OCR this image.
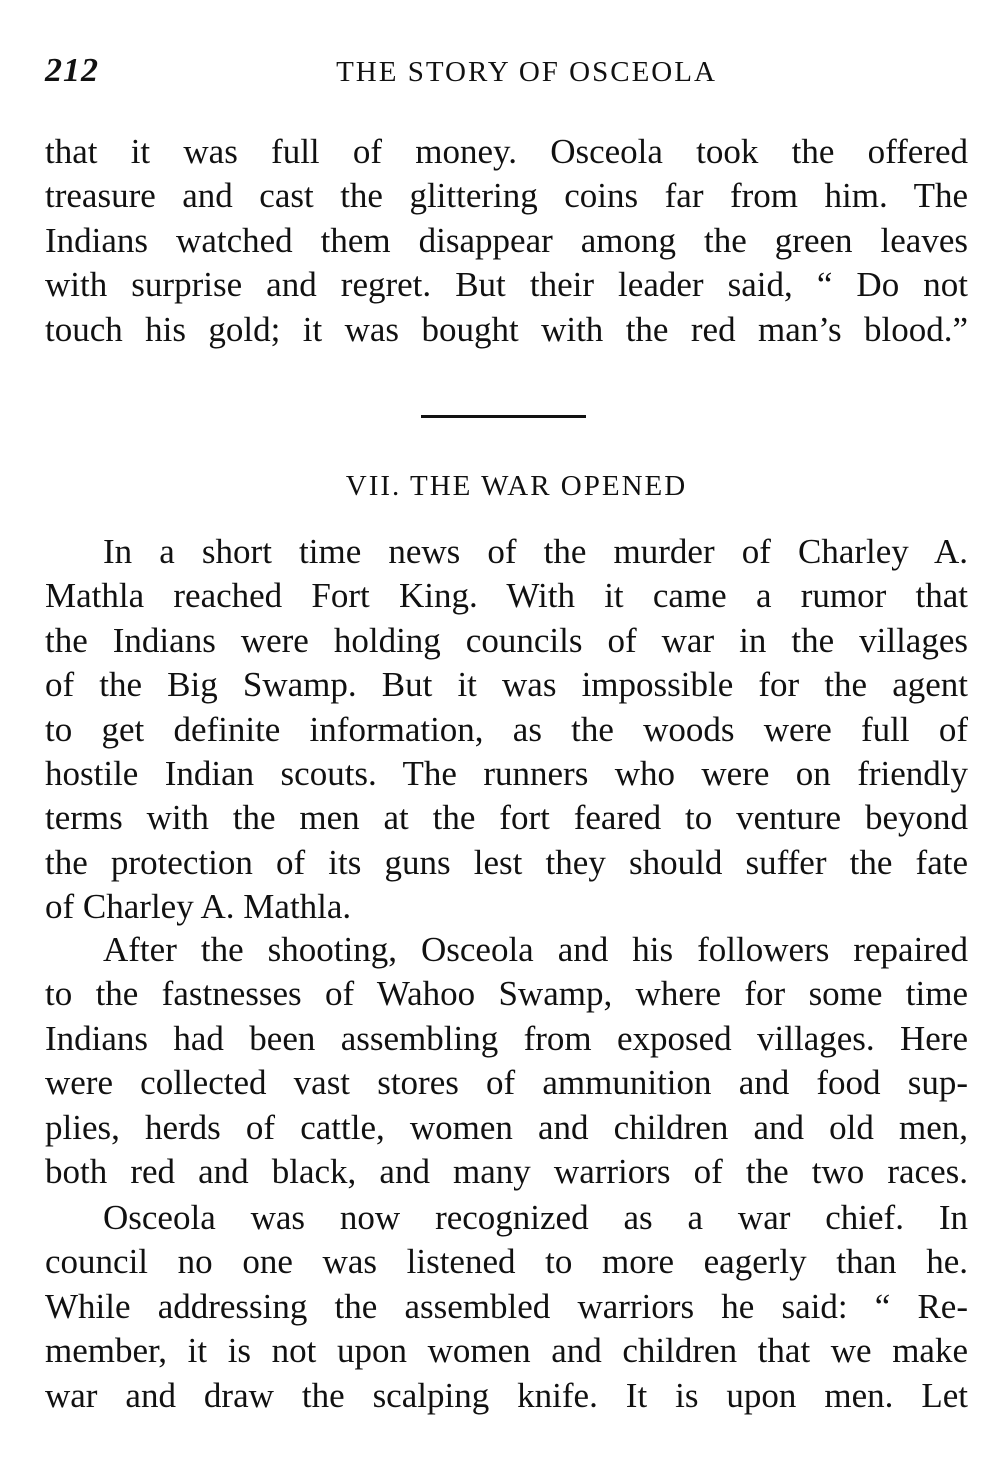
212	THE STORY OF OSCEOLA
that it was full of money. Osceola took the offered
treasure and cast the glittering coins far from him. The
Indians watched them disappear among the green leaves
with surprise and regret. But their leader said, “ Do not
touch his gold; it was bought with the red man’s blood.”
VII. THE WAR OPENED
In a short time news of the murder of Charley A.
Mathla reached Fort King. With it came a rumor that
the Indians were holding councils of war in the villages
of the Big Swamp. But it was impossible for the agent
to get definite information, as the woods were full of
hostile Indian scouts. The runners who were on friendly
terms with the men at the fort feared to venture beyond
the protection of its guns lest they should suffer the fate
of Charley A. Mathla.
After the shooting, Osceola and his followers repaired
to the fastnesses of Wahoo Swamp, where for some time
Indians had been assembling from exposed villages. Here
were collected vast stores of ammunition and food sup-
plies, herds of cattle, women and children and old men,
both red and black, and many warriors of the two races.
Osceola was now recognized as a war chief. In
council no one was listened to more eagerly than he.
While addressing the assembled warriors he said: “ Re-
member, it is not upon women and children that we make
war and draw the scalping knife. It is upon men. Let
